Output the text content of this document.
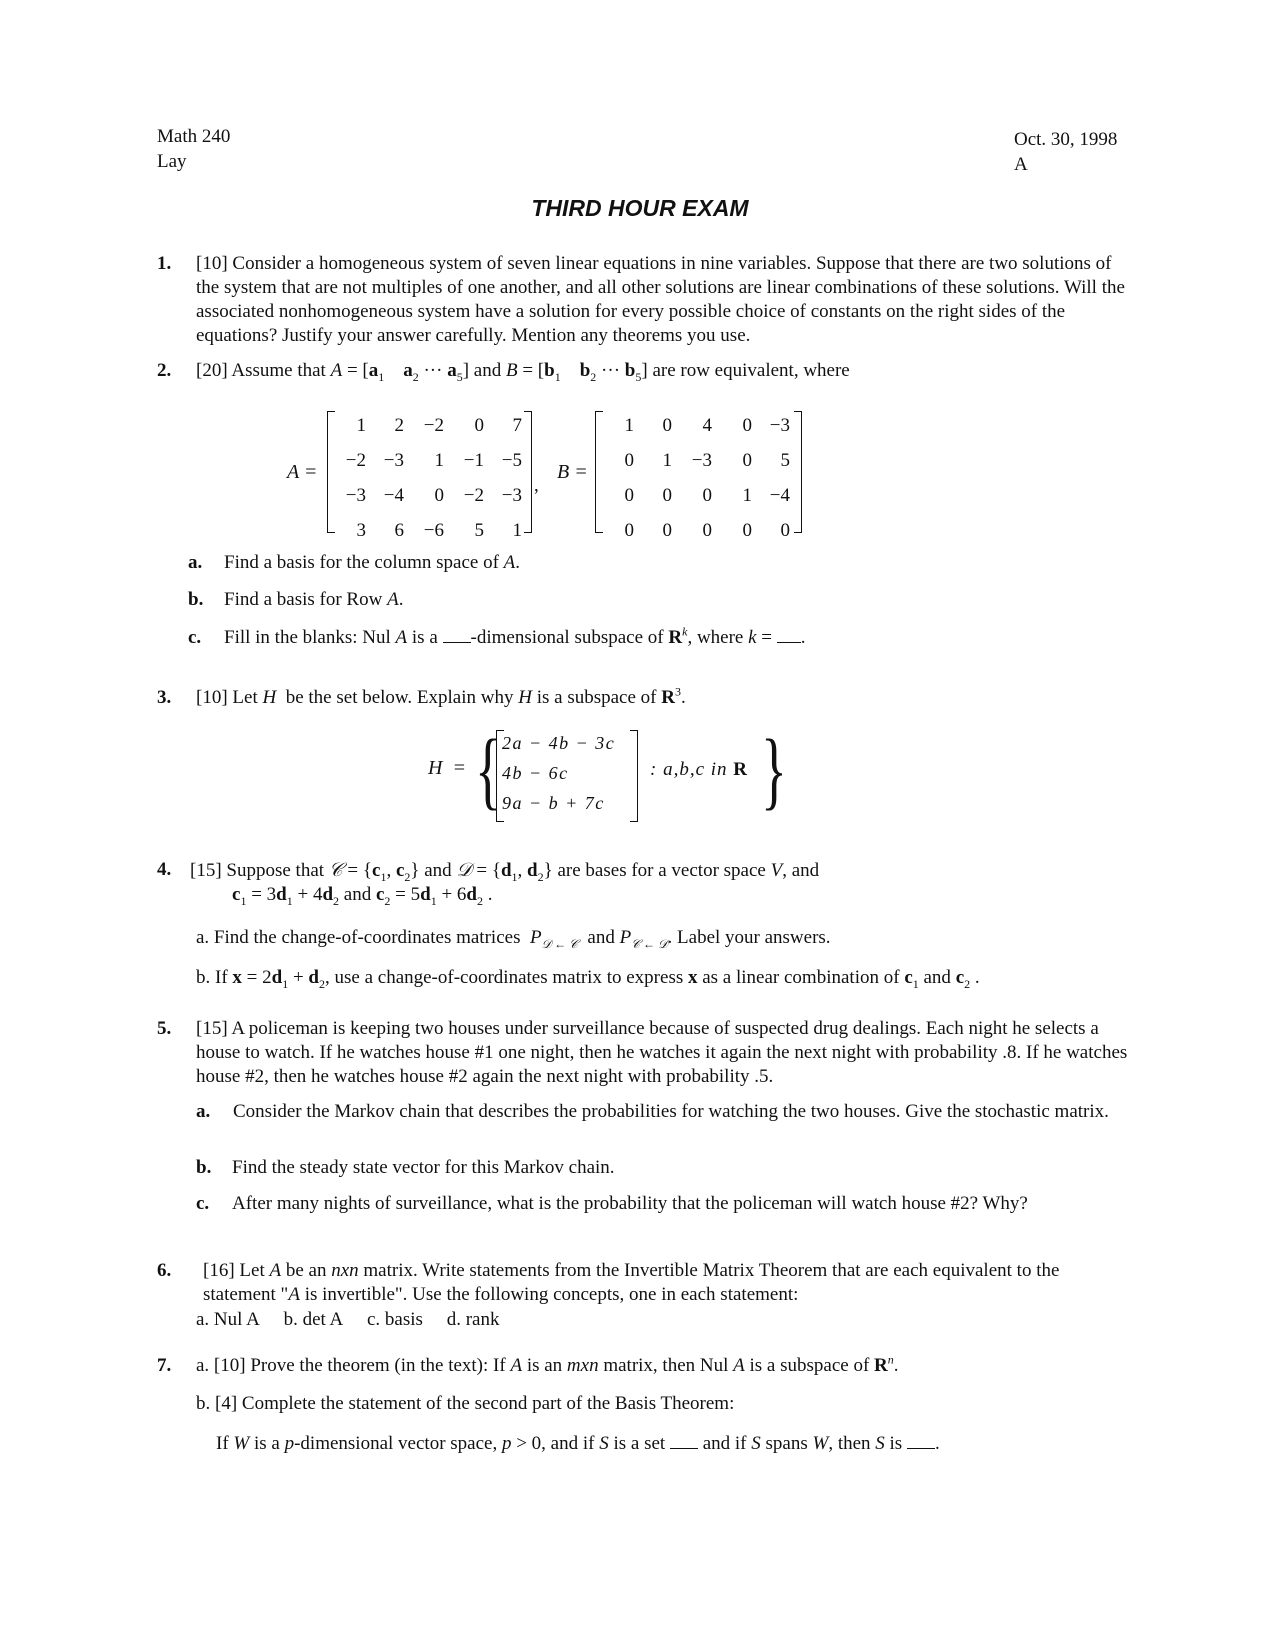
Math 240
Lay
Oct. 30, 1998
A
THIRD HOUR EXAM
1. [10] Consider a homogeneous system of seven linear equations in nine variables. Suppose that there are two solutions of the system that are not multiples of one another, and all other solutions are linear combinations of these solutions. Will the associated nonhomogeneous system have a solution for every possible choice of constants on the right sides of the equations? Justify your answer carefully. Mention any theorems you use.
2. [20] Assume that $A = [a_1$ $a_2$ ··· $a_5$] and $B = [b_1$ $b_2$ ··· $b_5$] are row equivalent, where
A =
1	2	−2	0	7
−2	−3	1	−1	−5
−3	−4	0	−2	−3
3	6	−6	5	1
,
B =
1	0	4	0	−3
0	1	−3	0	5
0	0	0	1	−4
0	0	0	0	0
a. Find a basis for the column space of A.
b. Find a basis for Row A.
c. Fill in the blanks: Nul A is a -dimensional subspace of $R^k$, where k = .
3. [10] Let H be the set below. Explain why H is a subspace of $R^3$.
H  = { 2a − 4b − 3c
4b − 6c
9a − b + 7c
: a,b,c in R }
4. [15] Suppose that 𝒞 = {$c_1$, $c_2$} and 𝒟 = {$d_1$, $d_2$} are bases for a vector space V, and
$c_1 = 3d_1 + 4d_2$ and $c_2 = 5d_1 + 6d_2$ .
a. Find the change-of-coordinates matrices $P_{𝒟 \leftarrow 𝒞}$ and $P_{𝒞 \leftarrow 𝒟}$. Label your answers.
b. If $x = 2d_1 + d_2$, use a change-of-coordinates matrix to express x as a linear combination of $c_1$ and $c_2$ .
5. [15] A policeman is keeping two houses under surveillance because of suspected drug dealings. Each night he selects a house to watch. If he watches house #1 one night, then he watches it again the next night with probability .8. If he watches house #2, then he watches house #2 again the next night with probability .5.
a.	Consider the Markov chain that describes the probabilities for watching the two houses. Give the stochastic matrix.
b. Find the steady state vector for this Markov chain.
c. After many nights of surveillance, what is the probability that the policeman will watch house #2? Why?
6. [16] Let A be an nxn matrix. Write statements from the Invertible Matrix Theorem that are each equivalent to the statement "A is invertible". Use the following concepts, one in each statement:
a. Nul A b. det A c. basis d. rank
7. a. [10] Prove the theorem (in the text): If A is an mxn matrix, then Nul A is a subspace of $R^n$.
b. [4] Complete the statement of the second part of the Basis Theorem:
If W is a p-dimensional vector space, p > 0, and if S is a set and if S spans W, then S is .
